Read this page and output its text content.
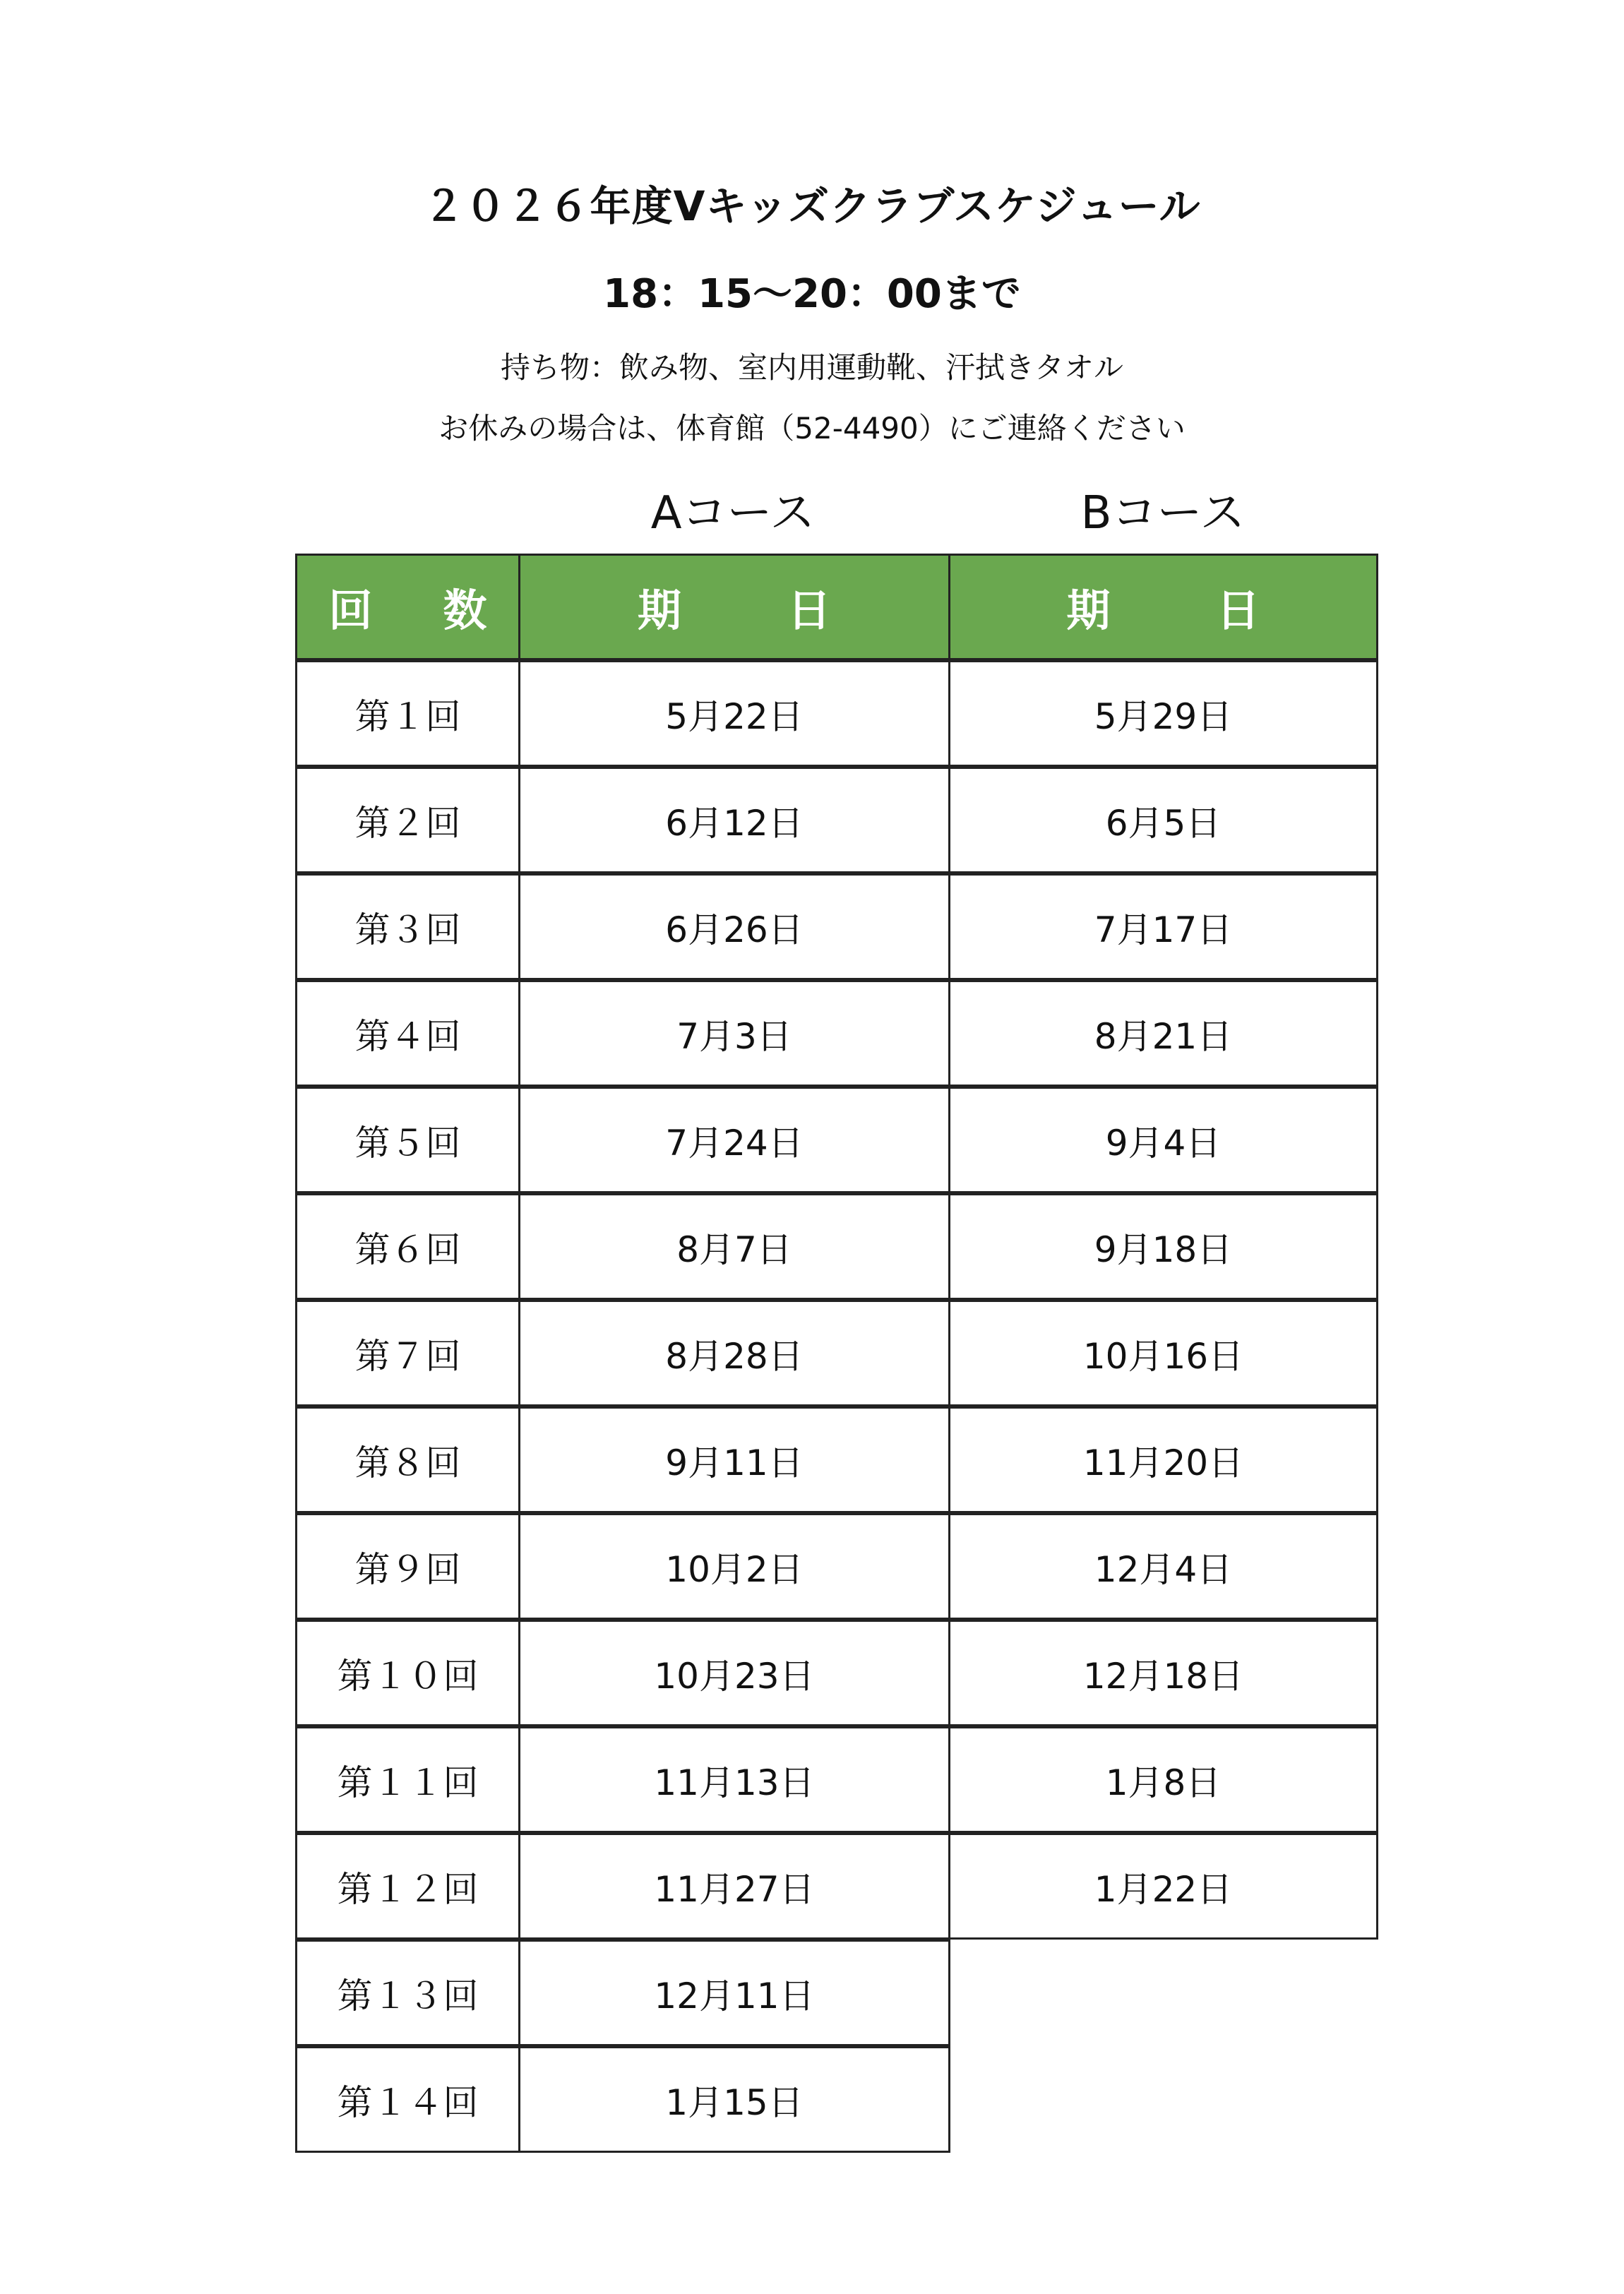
２０２６年度Vキッズクラブスケジュール
18：15～20：00まで
持ち物：飲み物、室内用運動靴、汗拭きタオル
お休みの場合は、体育館（52-4490）にご連絡ください
Aコース	Bコース
回 数	期 日	期 日
第１回	5月22日	5月29日
第２回	6月12日	6月5日
第３回	6月26日	7月17日
第４回	7月3日	8月21日
第５回	7月24日	9月4日
第６回	8月7日	9月18日
第７回	8月28日	10月16日
第８回	9月11日	11月20日
第９回	10月2日	12月4日
第１０回	10月23日	12月18日
第１１回	11月13日	1月8日
第１２回	11月27日	1月22日
第１３回	12月11日
第１４回	1月15日
